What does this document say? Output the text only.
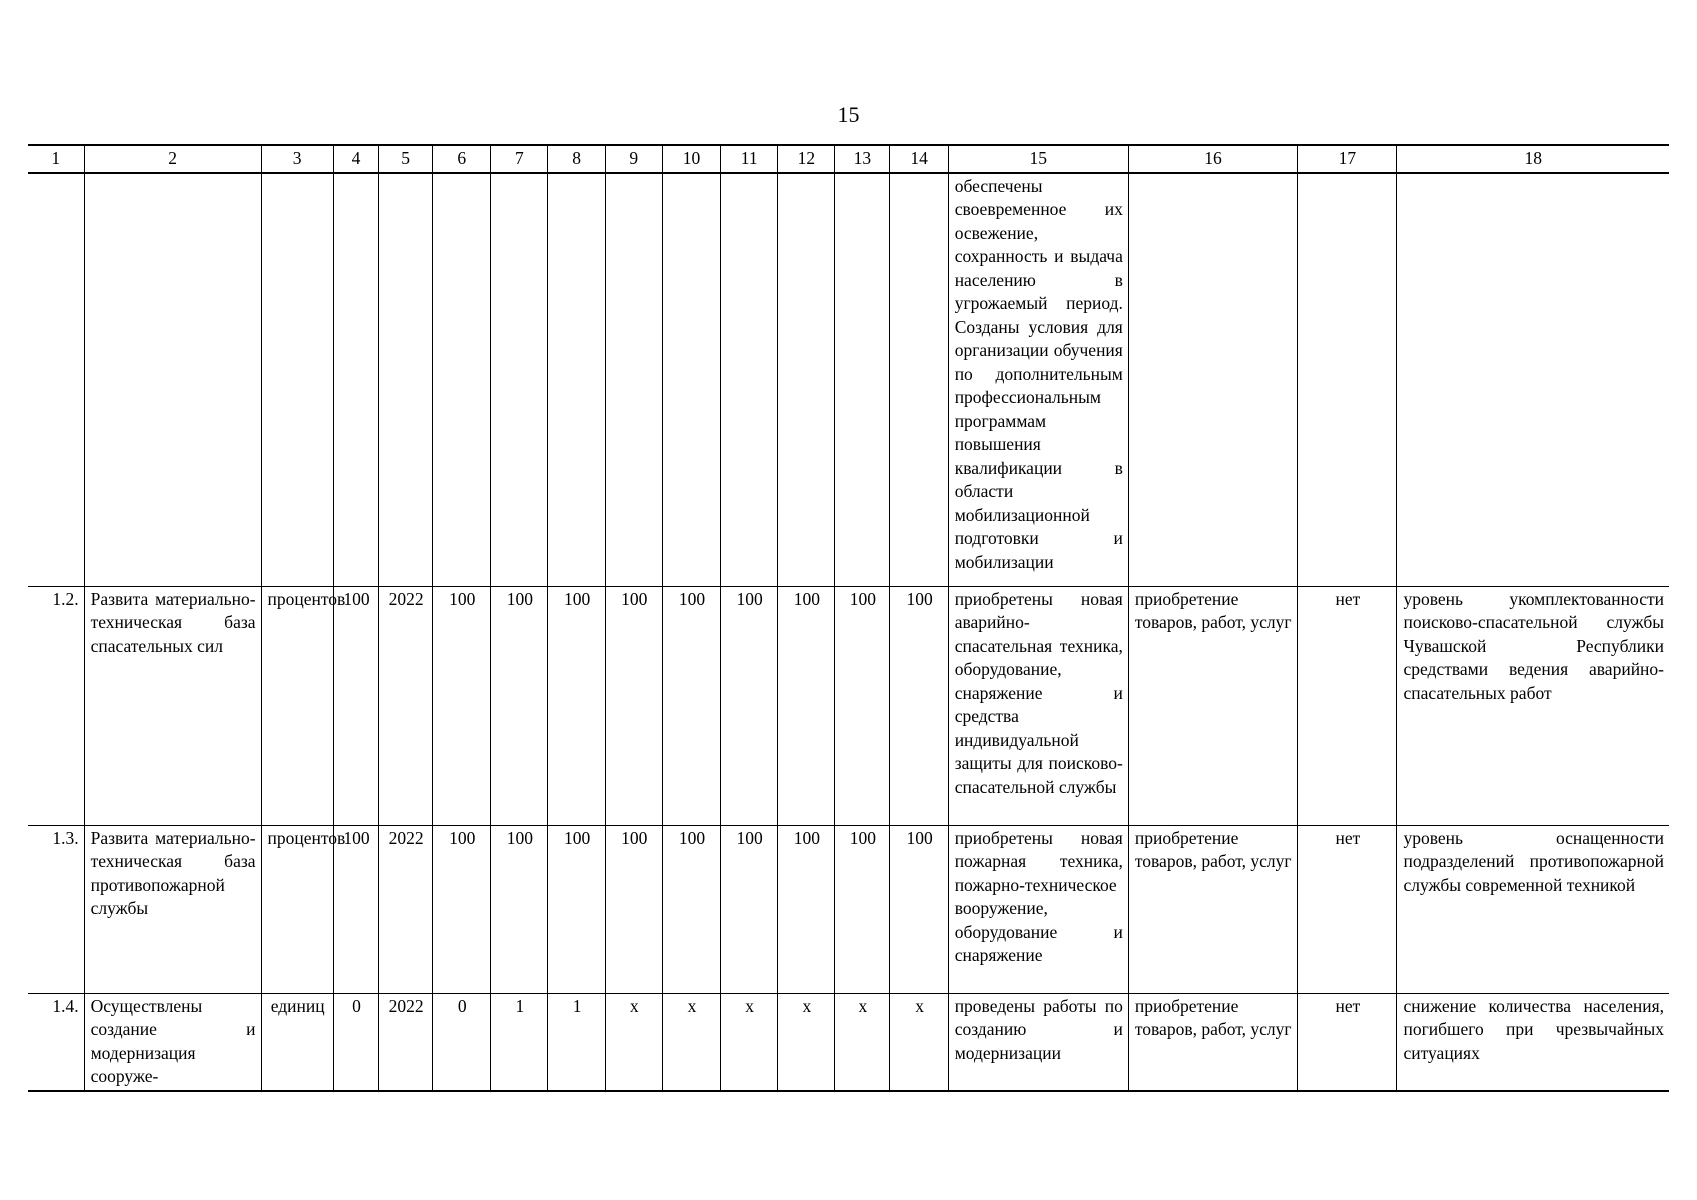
15
1	2	3	4	5	6	7	8	9	10	11	12	13	14	15	16	17	18
														обеспечены своевременное их освежение, сохранность и выдача населению в угрожаемый период. Созданы условия для организации обучения по дополнительным профессиональным программам повышения квалификации в области мобилизационной подготовки и мобилизации			
1.2.	Развита материально-техническая база спасательных сил	процентов	100	2022	100	100	100	100	100	100	100	100	100	приобретены новая аварийно-спасательная техника, оборудование, снаряжение и средства индивидуальной защиты для поисково-спасательной службы	приобретение товаров, работ, услуг	нет	уровень укомплектованности поисково-спасательной службы Чувашской Республики средствами ведения аварийно-спасательных работ
1.3.	Развита материально-техническая база противопожарной службы	процентов	100	2022	100	100	100	100	100	100	100	100	100	приобретены новая пожарная техника, пожарно-техническое вооружение, оборудование и снаряжение	приобретение товаров, работ, услуг	нет	уровень оснащенности подразделений противопожарной службы современной техникой
1.4.	Осуществлены создание и модернизация сооруже-	единиц	0	2022	0	1	1	x	x	x	x	x	x	проведены работы по созданию и модернизации	приобретение товаров, работ, услуг	нет	снижение количества населения, погибшего при чрезвычайных ситуациях
